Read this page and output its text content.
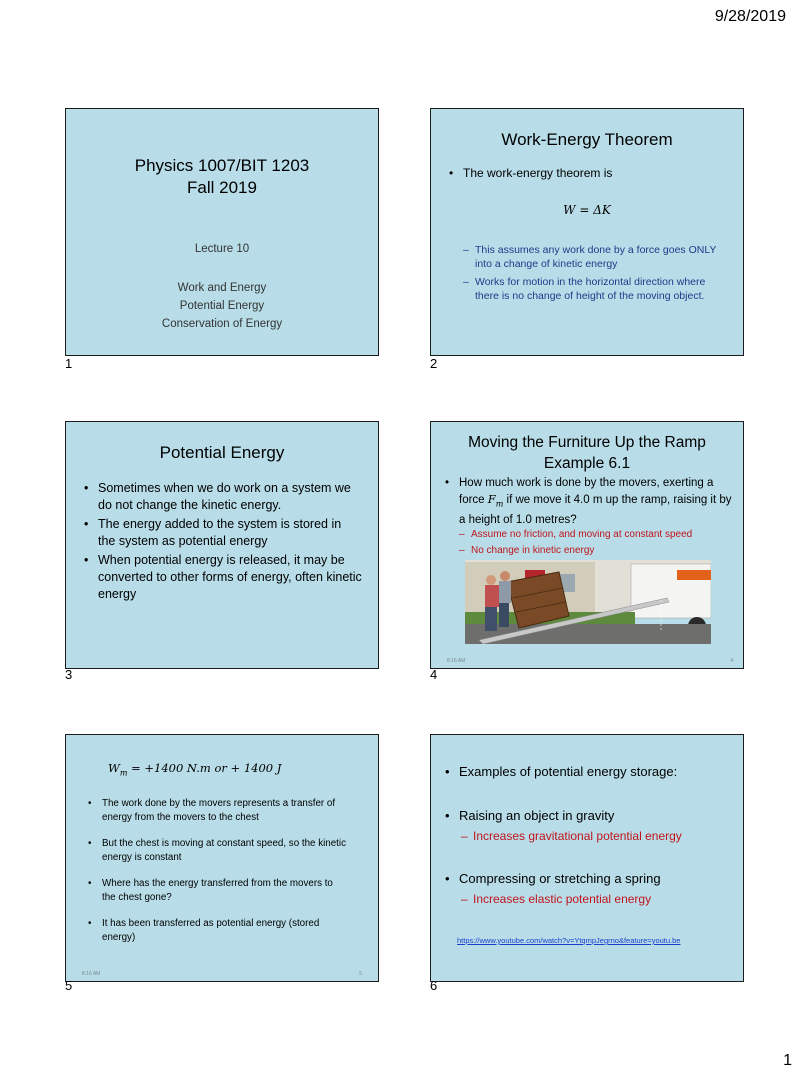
9/28/2019
Physics 1007/BIT 1203
Fall 2019
Lecture 10
Work and Energy
Potential Energy
Conservation of Energy
1
Work-Energy Theorem
• The work-energy theorem is
W = ΔK
– This assumes any work done by a force goes ONLY into a change of kinetic energy
– Works for motion in the horizontal direction where there is no change of height of the moving object.
2
Potential Energy
• Sometimes when we do work on a system we do not change the kinetic energy.
• The energy added to the system is stored in the system as potential energy
• When potential energy is released, it may be converted to other forms of energy, often kinetic energy
3
Moving the Furniture Up the Ramp
Example 6.1
• How much work is done by the movers, exerting a force $F_m$ if we move it 4.0 m up the ramp, raising it by a height of 1.0 metres?
– Assume no friction, and moving at constant speed
– No change in kinetic energy
8:16 AM	4
4
$W_m = +1400$ N.m or + 1400 J
• The work done by the movers represents a transfer of energy from the movers to the chest
• But the chest is moving at constant speed, so the kinetic energy is constant
• Where has the energy transferred from the movers to the chest gone?
• It has been transferred as potential energy (stored energy)
8:16 AM	5
5
• Examples of potential energy storage:
• Raising an object in gravity
– Increases gravitational potential energy
• Compressing or stretching a spring
– Increases elastic potential energy
https://www.youtube.com/watch?v=YtqmpJegrno&feature=youtu.be
6
1
